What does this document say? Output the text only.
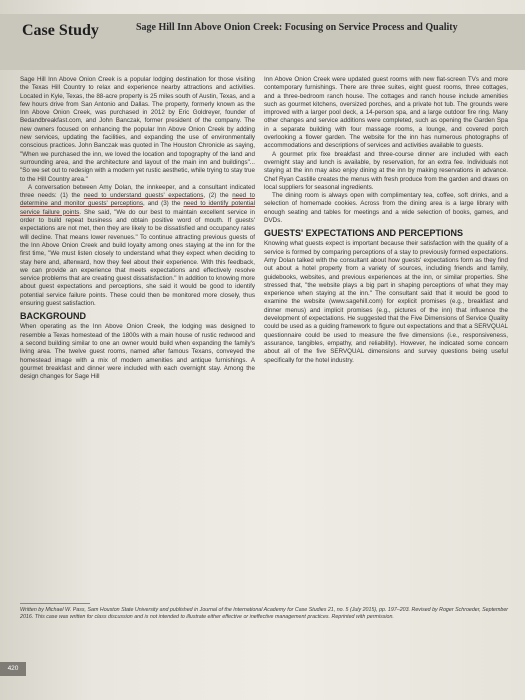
Case Study	Sage Hill Inn Above Onion Creek: Focusing on Service Process and Quality

Sage Hill Inn Above Onion Creek is a popular lodging destination for those visiting the Texas Hill Country to relax and experience nearby attractions and activities. Located in Kyle, Texas, the 88-acre property is 25 miles south of Austin, Texas, and a few hours drive from San Antonio and Dallas. The property, formerly known as the Inn Above Onion Creek, was purchased in 2012 by Eric Goldreyer, founder of Bedandbreakfast.com, and John Banczak, former president of the company. The new owners focused on enhancing the popular Inn Above Onion Creek by adding new services, updating the facilities, and expanding the use of environmentally conscious practices. John Banczak was quoted in The Houston Chronicle as saying, "When we purchased the inn, we loved the location and topography of the land and surrounding area, and the architecture and layout of the main inn and buildings"... "So we set out to redesign with a modern yet rustic aesthetic, while trying to stay true to the Hill Country area."

A conversation between Amy Dolan, the innkeeper, and a consultant indicated three needs: (1) the need to understand guests' expectations, (2) the need to determine and monitor guests' perceptions, and (3) the need to identify potential service failure points. She said, "We do our best to maintain excellent service in order to build repeat business and obtain positive word of mouth. If guests' expectations are not met, then they are likely to be dissatisfied and occupancy rates will decline. That means lower revenues." To continue attracting previous guests of the Inn Above Onion Creek and build loyalty among ones staying at the inn for the first time, "We must listen closely to understand what they expect when deciding to stay here and, afterward, how they feel about their experience. With this feedback, we can provide an experience that meets expectations and effectively resolve service problems that are creating guest dissatisfaction." In addition to knowing more about guest expectations and perceptions, she said it would be good to identify potential service failure points. These could then be monitored more closely, thus ensuring guest satisfaction.

BACKGROUND

When operating as the Inn Above Onion Creek, the lodging was designed to resemble a Texas homestead of the 1800s with a main house of rustic redwood and a second building similar to one an owner would build when expanding the family's living area. The twelve guest rooms, named after famous Texans, conveyed the homestead image with a mix of modern amenities and antique furnishings. A gourmet breakfast and dinner were included with each overnight stay. Among the design changes for Sage Hill

Inn Above Onion Creek were updated guest rooms with new flat-screen TVs and more contemporary furnishings. There are three suites, eight guest rooms, three cottages, and a three-bedroom ranch house. The cottages and ranch house include amenities such as gourmet kitchens, oversized porches, and a private hot tub. The grounds were improved with a larger pool deck, a 14-person spa, and a large outdoor fire ring. Many other changes and service additions were completed, such as opening the Garden Spa in a separate building with four massage rooms, a lounge, and covered porch overlooking a flower garden. The website for the inn has numerous photographs of accommodations and descriptions of services and activities available to guests.

A gourmet prix fixe breakfast and three-course dinner are included with each overnight stay and lunch is available, by reservation, for an extra fee. Individuals not staying at the inn may also enjoy dining at the inn by making reservations in advance. Chef Ryan Castille creates the menus with fresh produce from the garden and draws on local suppliers for seasonal ingredients.

The dining room is always open with complimentary tea, coffee, soft drinks, and a selection of homemade cookies. Across from the dining area is a large library with enough seating and tables for meetings and a wide selection of books, games, and DVDs.

GUESTS' EXPECTATIONS AND PERCEPTIONS

Knowing what guests expect is important because their satisfaction with the quality of a service is formed by comparing perceptions of a stay to previously formed expectations. Amy Dolan talked with the consultant about how guests' expectations form as they find out about a hotel property from a variety of sources, including friends and family, guidebooks, websites, and previous experiences at the inn, or similar properties. She stressed that, "the website plays a big part in shaping perceptions of what they may experience when staying at the inn." The consultant said that it would be good to examine the website (www.sagehill.com) for explicit promises (e.g., breakfast and dinner menus) and implicit promises (e.g., pictures of the inn) that influence the development of expectations. He suggested that the Five Dimensions of Service Quality could be used as a guiding framework to figure out expectations and that a SERVQUAL questionnaire could be used to measure the five dimensions (i.e., responsiveness, assurance, tangibles, empathy, and reliability). However, he indicated some concern about all of the five SERVQUAL dimensions and survey questions being useful specifically for the hotel industry.

Written by Michael W. Pass, Sam Houston State University and published in Journal of the International Academy for Case Studies 21, no. 5 (July 2015), pp. 197–203. Revised by Roger Schroeder, September 2016. This case was written for class discussion and is not intended to illustrate either effective or ineffective management practices. Reprinted with permission.
420
